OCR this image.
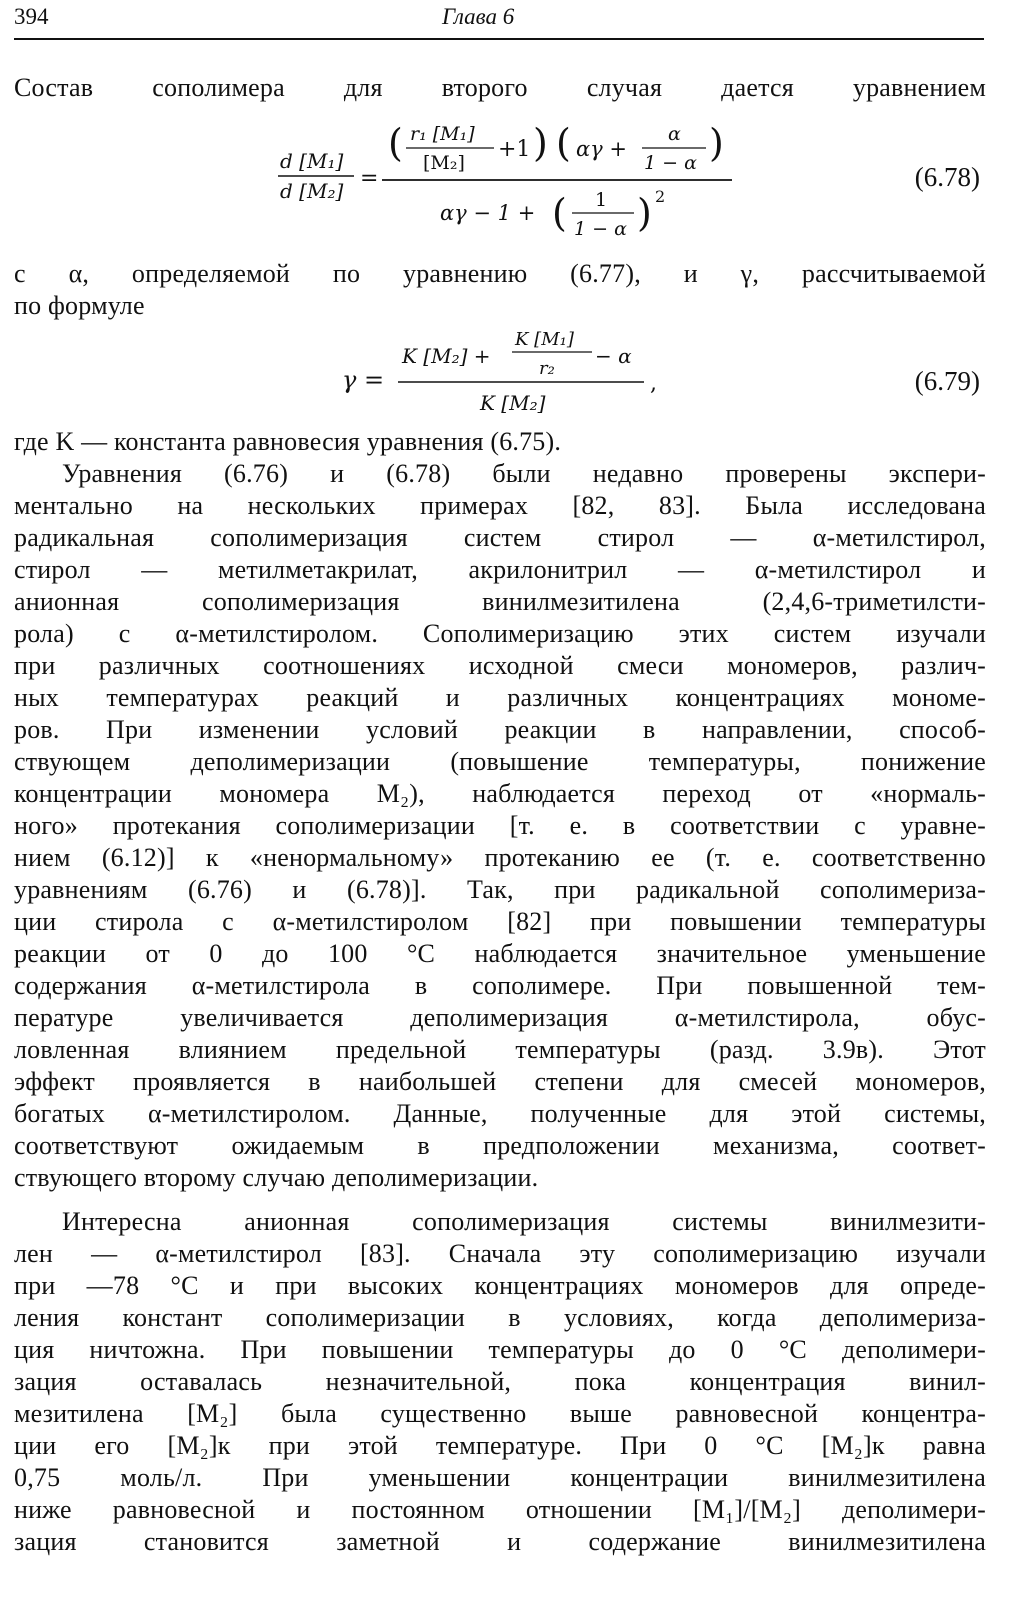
394	Глава 6
Состав сополимера для второго случая дается уравнением
d [M₁]
d [M₂] =
( r₁ [M₁]
[M₂]
+1 ) ( αγ +
α
1 − α )
αγ − 1 + ( 1
1 − α ) 2
(6.78)
с α, определяемой по уравнению (6.77), и γ, рассчитываемой
по формуле
γ =
K [M₂] +
K [M₁]
r₂
− α
K [M₂]
,	(6.79)
где K — константа равновесия уравнения (6.75).
Уравнения (6.76) и (6.78) были недавно проверены экспери-
ментально на нескольких примерах [82, 83]. Была исследована
радикальная сополимеризация систем стирол — α-метилстирол,
стирол — метилметакрилат, акрилонитрил — α-метилстирол и
анионная сополимеризация винилмезитилена (2,4,6-триметилсти-
рола) с α-метилстиролом. Сополимеризацию этих систем изучали
при различных соотношениях исходной смеси мономеров, различ-
ных температурах реакций и различных концентрациях мономе-
ров. При изменении условий реакции в направлении, способ-
ствующем деполимеризации (повышение температуры, понижение
концентрации мономера M₂), наблюдается переход от «нормаль-
ного» протекания сополимеризации [т. е. в соответствии с уравне-
нием (6.12)] к «ненормальному» протеканию ее (т. е. соответственно
уравнениям (6.76) и (6.78)]. Так, при радикальной сополимериза-
ции стирола с α-метилстиролом [82] при повышении температуры
реакции от 0 до 100 °C наблюдается значительное уменьшение
содержания α-метилстирола в сополимере. При повышенной тем-
пературе увеличивается деполимеризация α-метилстирола, обус-
ловленная влиянием предельной температуры (разд. 3.9в). Этот
эффект проявляется в наибольшей степени для смесей мономеров,
богатых α-метилстиролом. Данные, полученные для этой системы,
соответствуют ожидаемым в предположении механизма, соответ-
ствующего второму случаю деполимеризации.
Интересна анионная сополимеризация системы винилмезити-
лен — α-метилстирол [83]. Сначала эту сополимеризацию изучали
при —78 °C и при высоких концентрациях мономеров для опреде-
ления констант сополимеризации в условиях, когда деполимериза-
ция ничтожна. При повышении температуры до 0 °C деполимери-
зация оставалась незначительной, пока концентрация винил-
мезитилена [M₂] была существенно выше равновесной концентра-
ции его [M₂]к при этой температуре. При 0 °C [M₂]к равна
0,75 моль/л. При уменьшении концентрации винилмезитилена
ниже равновесной и постоянном отношении [M₁]/[M₂] деполимери-
зация становится заметной и содержание винилмезитилена
